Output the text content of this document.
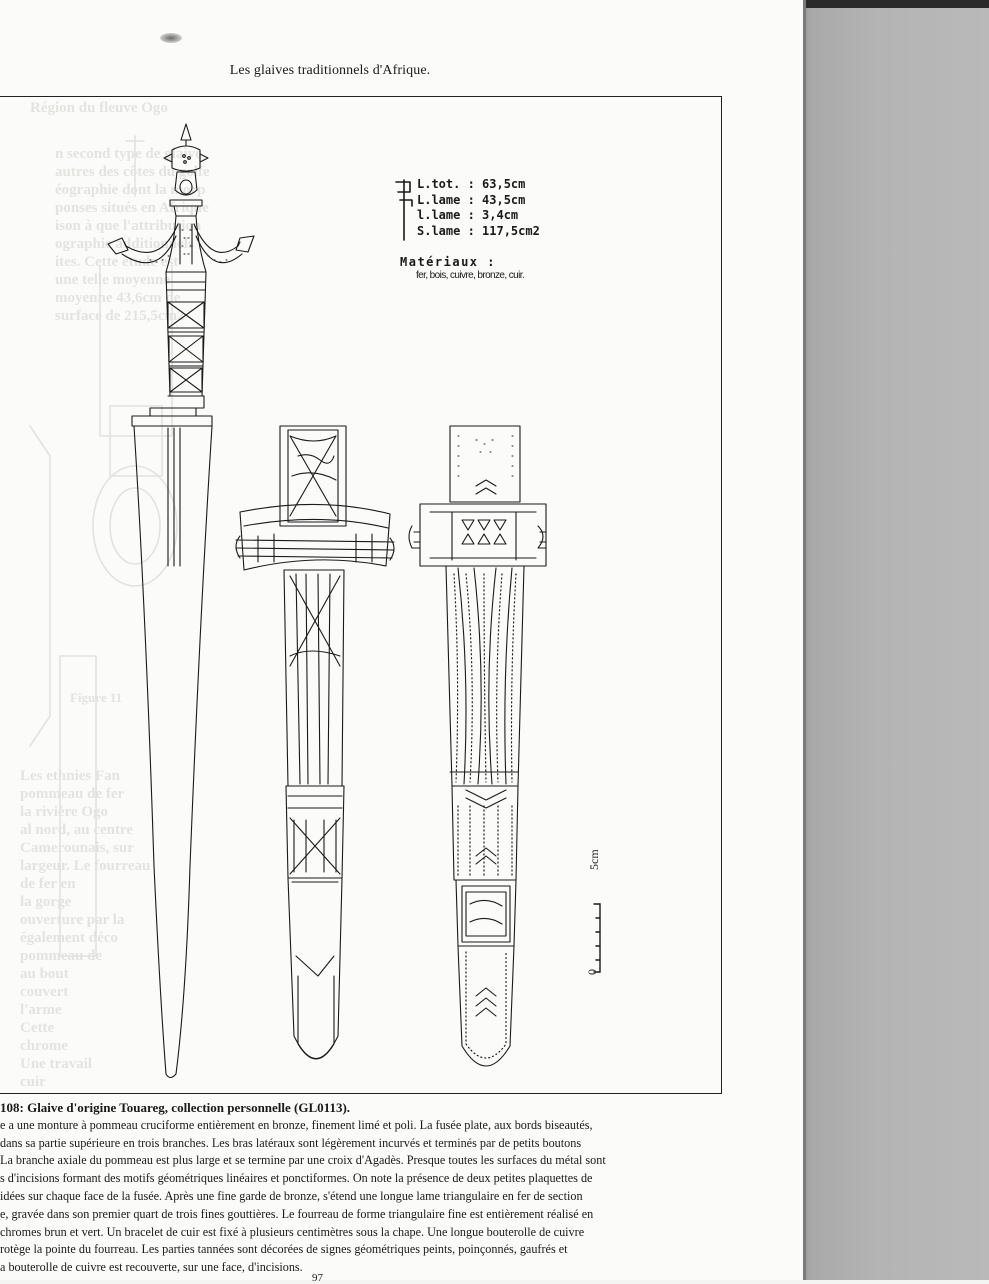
Les glaives traditionnels d'Afrique.
Région du fleuve Ogo
n second type de glaive
autres des côtes du golfe
éographie dont la morp
ponses situés en Afrique
ison à que l'attribution
ographie additionnels
ites. Cette étude est
une telle moyenne
moyenne 43,6cm de
surface de 215,5cm2
Figure 11
Les ethnies Fan
pommeau de fer
la rivière Ogo
al nord, au centre
Camerounais, sur
largeur. Le fourreau
de fer en
la gorge
ouverture par la
également déco
pommeau de
au bout
couvert
l'arme
Cette
chrome
Une travail
cuir
L.tot. : 63,5cm
L.lame : 43,5cm
l.lame : 3,4cm
S.lame : 117,5cm2
Matériaux :
fer, bois, cuivre, bronze, cuir.
5cm
0
108: Glaive d'origine Touareg, collection personnelle (GL0113).
e a une monture à pommeau cruciforme entièrement en bronze, finement limé et poli. La fusée plate, aux bords biseautés,
dans sa partie supérieure en trois branches. Les bras latéraux sont légèrement incurvés et terminés par de petits boutons
La branche axiale du pommeau est plus large et se termine par une croix d'Agadès. Presque toutes les surfaces du métal sont
s d'incisions formant des motifs géométriques linéaires et ponctiformes. On note la présence de deux petites plaquettes de
idées sur chaque face de la fusée. Après une fine garde de bronze, s'étend une longue lame triangulaire en fer de section
e, gravée dans son premier quart de trois fines gouttières. Le fourreau de forme triangulaire fine est entièrement réalisé en
chromes brun et vert. Un bracelet de cuir est fixé à plusieurs centimètres sous la chape. Une longue bouterolle de cuivre
rotège la pointe du fourreau. Les parties tannées sont décorées de signes géométriques peints, poinçonnés, gaufrés et
a bouterolle de cuivre est recouverte, sur une face, d'incisions.
97
